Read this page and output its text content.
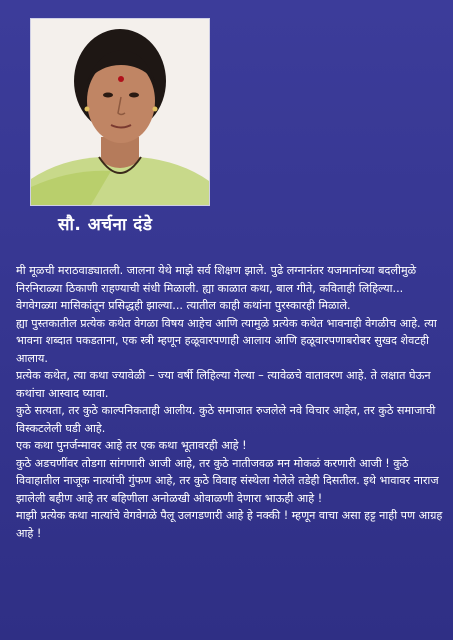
सौ. अर्चना दंडे

मी मूळची मराठवाड्यातली. जालना येथे माझे सर्व शिक्षण झाले. पुढे लग्नानंतर यजमानांच्या बदलीमुळे निरनिराळ्या ठिकाणी राहण्याची संधी मिळाली. ह्या काळात कथा, बाल गीते, कविताही लिहिल्या... वेगवेगळ्या मासिकांतून प्रसिद्धही झाल्या... त्यातील काही कथांना पुरस्कारही मिळाले.

ह्या पुस्तकातील प्रत्येक कथेत वेगळा विषय आहेच आणि त्यामुळे प्रत्येक कथेत भावनाही वेगळीच आहे. त्या भावना शब्दात पकडताना, एक स्त्री म्हणून हळूवारपणाही आलाय आणि हळूवारपणाबरोबर सुखद शेवटही आलाय.

प्रत्येक कथेत, त्या कथा ज्यावेळी – ज्या वर्षी लिहिल्या गेल्या – त्यावेळचे वातावरण आहे. ते लक्षात घेऊन कथांचा आस्वाद घ्यावा.

कुठे सत्यता, तर कुठे काल्पनिकताही आलीय. कुठे समाजात रुजलेले नवे विचार आहेत, तर कुठे समाजाची विस्कटलेली घडी आहे.

एक कथा पुनर्जन्मावर आहे तर एक कथा भूतावरही आहे !

कुठे अडचणींवर तोडगा सांगणारी आजी आहे, तर कुठे नातीजवळ मन मोकळं करणारी आजी ! कुठे विवाहातील नाजूक नात्यांची गुंफण आहे, तर कुठे विवाह संस्थेला गेलेले तडेही दिसतील. इथे भावावर नाराज झालेली बहीण आहे तर बहिणीला अनोळखी ओवाळणी देणारा भाऊही आहे !

माझी प्रत्येक कथा नात्यांचे वेगवेगळे पैलू उलगडणारी आहे हे नक्की ! म्हणून वाचा असा हट्ट नाही पण आग्रह आहे !
